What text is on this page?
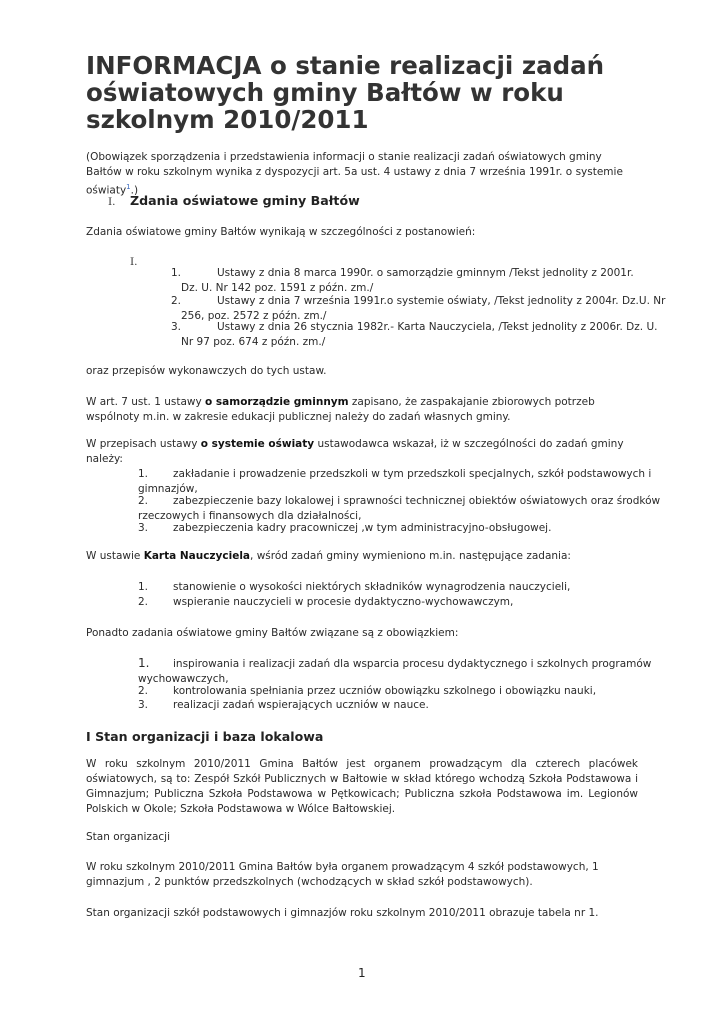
INFORMACJA o stanie realizacji zadań oświatowych gminy Bałtów w roku szkolnym 2010/2011

(Obowiązek sporządzenia i przedstawienia informacji o stanie realizacji zadań oświatowych gminy Bałtów w roku szkolnym wynika z dyspozycji art. 5a ust. 4 ustawy z dnia 7 września 1991r. o systemie oświaty$^1$.)

I. Zdania oświatowe gminy Bałtów

Zdania oświatowe gminy Bałtów wynikają w szczególności z postanowień:

I.
1.	Ustawy z dnia 8 marca 1990r. o samorządzie gminnym /Tekst jednolity z 2001r.
Dz. U. Nr 142 poz. 1591 z późn. zm./
2.	Ustawy z dnia 7 września 1991r.o systemie oświaty, /Tekst jednolity z 2004r. Dz.U. Nr
256, poz. 2572 z późn. zm./
3.	Ustawy z dnia 26 stycznia 1982r.- Karta Nauczyciela, /Tekst jednolity z 2006r. Dz. U.
Nr 97 poz. 674 z późn. zm./

oraz przepisów wykonawczych do tych ustaw.

W art. 7 ust. 1 ustawy o samorządzie gminnym zapisano, że zaspakajanie zbiorowych potrzeb wspólnoty m.in. w zakresie edukacji publicznej należy do zadań własnych gminy.

W przepisach ustawy o systemie oświaty ustawodawca wskazał, iż w szczególności do zadań gminy należy:

1. zakładanie i prowadzenie przedszkoli w tym przedszkoli specjalnych, szkół podstawowych i
gimnazjów,
2. zabezpieczenie bazy lokalowej i sprawności technicznej obiektów oświatowych oraz środków
rzeczowych i finansowych dla działalności,
3. zabezpieczenia kadry pracowniczej ,w tym administracyjno-obsługowej.

W ustawie Karta Nauczyciela, wśród zadań gminy wymieniono m.in. następujące zadania:

1. stanowienie o wysokości niektórych składników wynagrodzenia nauczycieli,
2. wspieranie nauczycieli w procesie dydaktyczno-wychowawczym,

Ponadto zadania oświatowe gminy Bałtów związane są z obowiązkiem:

1. inspirowania i realizacji zadań dla wsparcia procesu dydaktycznego i szkolnych programów
wychowawczych,
2. kontrolowania spełniania przez uczniów obowiązku szkolnego i obowiązku nauki,
3. realizacji zadań wspierających uczniów w nauce.
I Stan organizacji i baza lokalowa

W roku szkolnym 2010/2011 Gmina Bałtów jest organem prowadzącym dla czterech placówek oświatowych, są to: Zespół Szkół Publicznych w Bałtowie w skład którego wchodzą Szkoła Podstawowa i Gimnazjum; Publiczna Szkoła Podstawowa w Pętkowicach; Publiczna szkoła Podstawowa im. Legionów Polskich w Okole; Szkoła Podstawowa w Wólce Bałtowskiej.

Stan organizacji

W roku szkolnym 2010/2011 Gmina Bałtów była organem prowadzącym 4 szkół podstawowych, 1 gimnazjum , 2 punktów przedszkolnych (wchodzących w skład szkół podstawowych).

Stan organizacji szkół podstawowych i gimnazjów roku szkolnym 2010/2011 obrazuje tabela nr 1.

1
